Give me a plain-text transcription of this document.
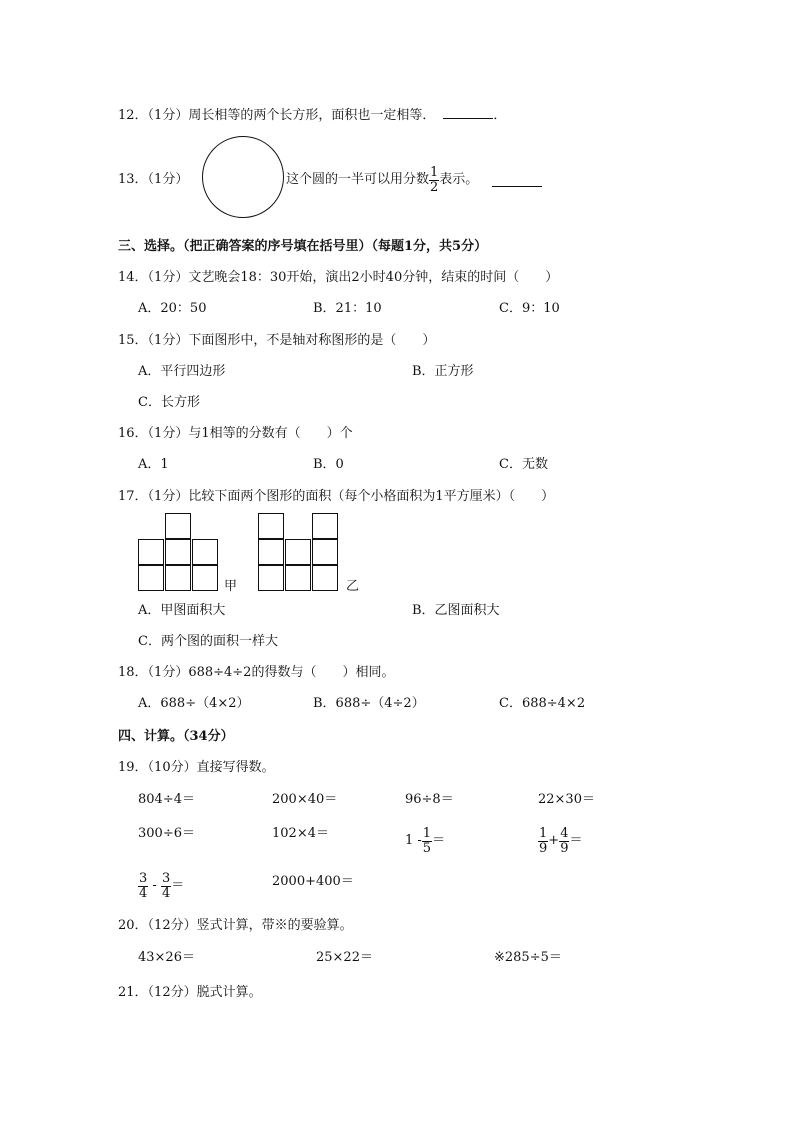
12．（1分）周长相等的两个长方形，面积也一定相等．	．
13．（1分）	这个圆的一半可以用分数 $\frac{1}{2}$ 表示。
三、选择。（把正确答案的序号填在括号里）（每题1分，共5分）
14．（1分）文艺晚会18：30开始，演出2小时40分钟，结束的时间（　　）
A．20：50	B．21：10	C．9：10
15．（1分）下面图形中，不是轴对称图形的是（　　）
A．平行四边形	B．正方形
C．长方形
16．（1分）与1相等的分数有（　　）个
A．1	B．0	C．无数
17．（1分）比较下面两个图形的面积（每个小格面积为1平方厘米）（　　）
甲	乙
A．甲图面积大	B．乙图面积大
C．两个图的面积一样大
18．（1分）688÷4÷2的得数与（　　）相同。
A．688÷（4×2）	B．688÷（4÷2）	C．688÷4×2
四、计算。（34分）
19．（10分）直接写得数。
804÷4＝	200×40＝	96÷8＝	22×30＝
300÷6＝	102×4＝	$1 - \frac{1}{5}$ ＝	$\frac{1}{9} + \frac{4}{9}$ ＝
$\frac{3}{4} - \frac{3}{4}$ ＝	2000+400＝
20．（12分）竖式计算，带※的要验算。
43×26＝	25×22＝	※285÷5＝
21．（12分）脱式计算。
